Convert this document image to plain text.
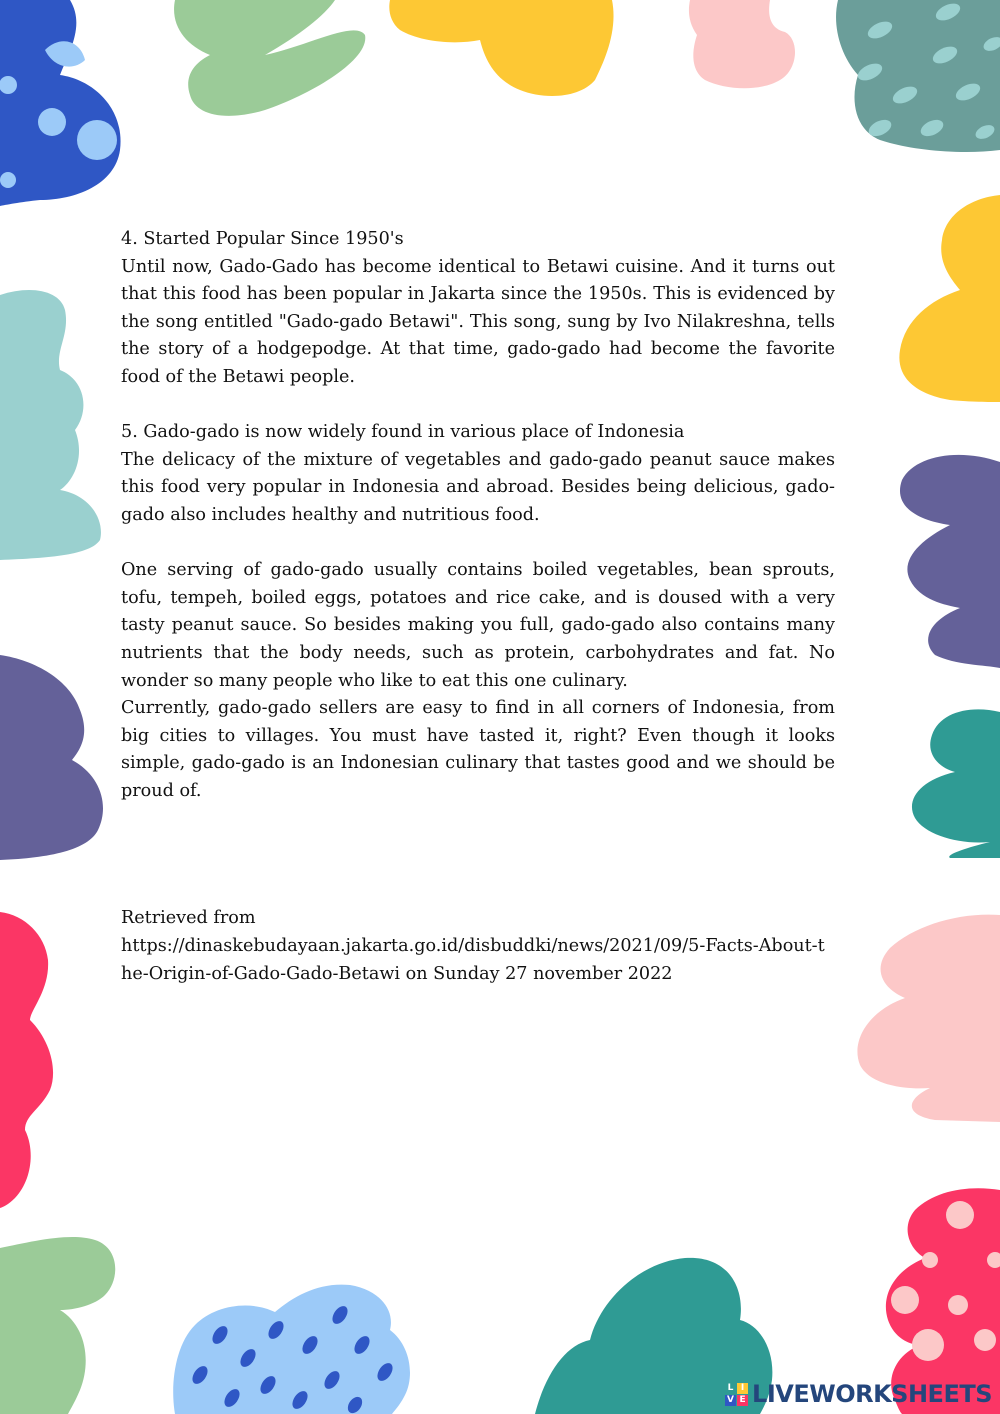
4. Started Popular Since 1950's

Until now, Gado-Gado has become identical to Betawi cuisine. And it turns out that this food has been popular in Jakarta since the 1950s. This is evidenced by the song entitled "Gado-gado Betawi". This song, sung by Ivo Nilakreshna, tells the story of a hodgepodge. At that time, gado-gado had become the favorite food of the Betawi people.

5. Gado-gado is now widely found in various place of Indonesia

The delicacy of the mixture of vegetables and gado-gado peanut sauce makes this food very popular in Indonesia and abroad. Besides being delicious, gado-gado also includes healthy and nutritious food.

One serving of gado-gado usually contains boiled vegetables, bean sprouts, tofu, tempeh, boiled eggs, potatoes and rice cake, and is doused with a very tasty peanut sauce. So besides making you full, gado-gado also contains many nutrients that the body needs, such as protein, carbohydrates and fat. No wonder so many people who like to eat this one culinary.

Currently, gado-gado sellers are easy to find in all corners of Indonesia, from big cities to villages. You must have tasted it, right? Even though it looks simple, gado-gado is an Indonesian culinary that tastes good and we should be proud of.

Retrieved from

https://dinaskebudayaan.jakarta.go.id/disbuddki/news/2021/09/5-Facts-About-the-Origin-of-Gado-Gado-Betawi on Sunday 27 november 2022

L I
V E LIVEWORKSHEETS
